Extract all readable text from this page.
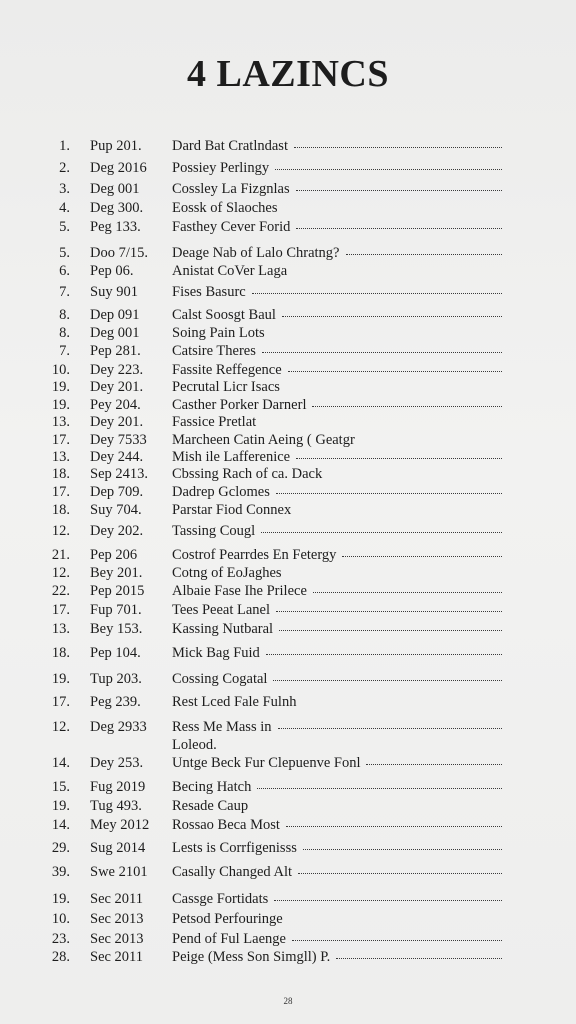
4 LAZINCS
1. Pup 201.	Dard Bat Cratlndast
2. Deg 2016	Possiey Perlingy
3. Deg 001	Cossley La Fizgnlas
4. Deg 300.	Eossk of Slaoches
5. Peg 133.	Fasthey Cever Forid
5. Doo 7/15.	Deage Nab of Lalo Chratng?
6. Pep 06.	Anistat CoVer Laga
7. Suy 901	Fises Basurc
8. Dep 091	Calst Soosgt Baul
8. Deg 001	Soing Pain Lots
7. Pep 281.	Catsire Theres
10. Dey 223.	Fassite Reffegence
19. Dey 201.	Pecrutal Licr Isacs
19. Pey 204.	Casther Porker Darnerl
13. Dey 201.	Fassice Pretlat
17. Dey 7533	Marcheen Catin Aeing ( Geatgr
13. Dey 244.	Mish ile Lafferenice
18. Sep 2413.	Cbssing Rach of ca. Dack
17. Dep 709.	Dadrep Gclomes
18. Suy 704.	Parstar Fiod Connex
12. Dey 202.	Tassing Cougl
21. Pep 206	Costrof Pearrdes En Fetergy
12. Bey 201.	Cotng of EoJaghes
22. Pep 2015	Albaie Fase Ihe Prilece
17. Fup 701.	Tees Peeat Lanel
13. Bey 153.	Kassing Nutbaral
18. Pep 104.	Mick Bag Fuid
19. Tup 203.	Cossing Cogatal
17. Peg 239.	Rest Lced Fale Fulnh
12. Deg 2933	Ress Me Mass in
Loleod.
14. Dey 253.	Untge Beck Fur Clepuenve Fonl
15. Fug 2019	Becing Hatch
19. Tug 493.	Resade Caup
14. Mey 2012	Rossao Beca Most
29. Sug 2014	Lests is Corrfigenisss
39. Swe 2101	Casally Changed Alt
19. Sec 2011	Cassge Fortidats
10. Sec 2013	Petsod Perfouringe
23. Sec 2013	Pend of Ful Laenge
28. Sec 2011	Peige (Mess Son Simgll) P.
28
